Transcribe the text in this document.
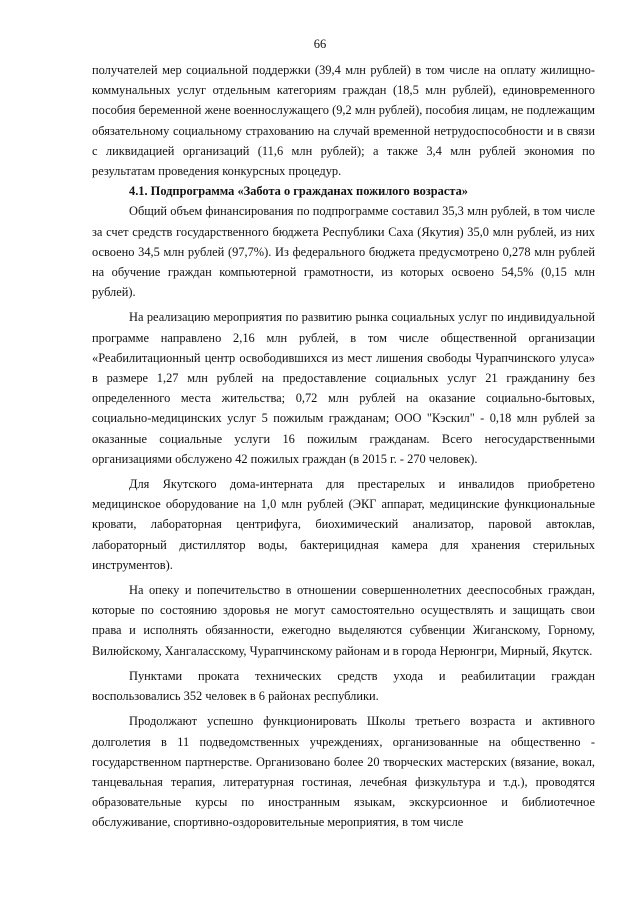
66

получателей мер социальной поддержки (39,4 млн рублей) в том числе на оплату жилищно-коммунальных услуг отдельным категориям граждан (18,5 млн рублей), единовременного пособия беременной жене военнослужащего (9,2 млн рублей), пособия лицам, не подлежащим обязательному социальному страхованию на случай временной нетрудоспособности и в связи с ликвидацией организаций (11,6 млн рублей); а также 3,4 млн рублей экономия по результатам проведения конкурсных процедур.

4.1. Подпрограмма «Забота о гражданах пожилого возраста»

Общий объем финансирования по подпрограмме составил 35,3 млн рублей, в том числе за счет средств государственного бюджета Республики Саха (Якутия) 35,0 млн рублей, из них освоено 34,5 млн рублей (97,7%). Из федерального бюджета предусмотрено 0,278 млн рублей на обучение граждан компьютерной грамотности, из которых освоено 54,5% (0,15 млн рублей).

На реализацию мероприятия по развитию рынка социальных услуг по индивидуальной программе направлено 2,16 млн рублей, в том числе общественной организации «Реабилитационный центр освободившихся из мест лишения свободы Чурапчинского улуса» в размере 1,27 млн рублей на предоставление социальных услуг 21 гражданину без определенного места жительства; 0,72 млн рублей на оказание социально-бытовых, социально-медицинских услуг 5 пожилым гражданам; ООО "Кэскил" - 0,18 млн рублей за оказанные социальные услуги 16 пожилым гражданам. Всего негосударственными организациями обслужено 42 пожилых граждан (в 2015 г. - 270 человек).

Для Якутского дома-интерната для престарелых и инвалидов приобретено медицинское оборудование на 1,0 млн рублей (ЭКГ аппарат, медицинские функциональные кровати, лабораторная центрифуга, биохимический анализатор, паровой автоклав, лабораторный дистиллятор воды, бактерицидная камера для хранения стерильных инструментов).

На опеку и попечительство в отношении совершеннолетних дееспособных граждан, которые по состоянию здоровья не могут самостоятельно осуществлять и защищать свои права и исполнять обязанности, ежегодно выделяются субвенции Жиганскому, Горному, Вилюйскому, Хангаласскому, Чурапчинскому районам и в города Нерюнгри, Мирный, Якутск.

Пунктами проката технических средств ухода и реабилитации граждан воспользовались 352 человек в 6 районах республики.

Продолжают успешно функционировать Школы третьего возраста и активного долголетия в 11 подведомственных учреждениях, организованные на общественно - государственном партнерстве. Организовано более 20 творческих мастерских (вязание, вокал, танцевальная терапия, литературная гостиная, лечебная физкультура и т.д.), проводятся образовательные курсы по иностранным языкам, экскурсионное и библиотечное обслуживание, спортивно-оздоровительные мероприятия, в том числе
